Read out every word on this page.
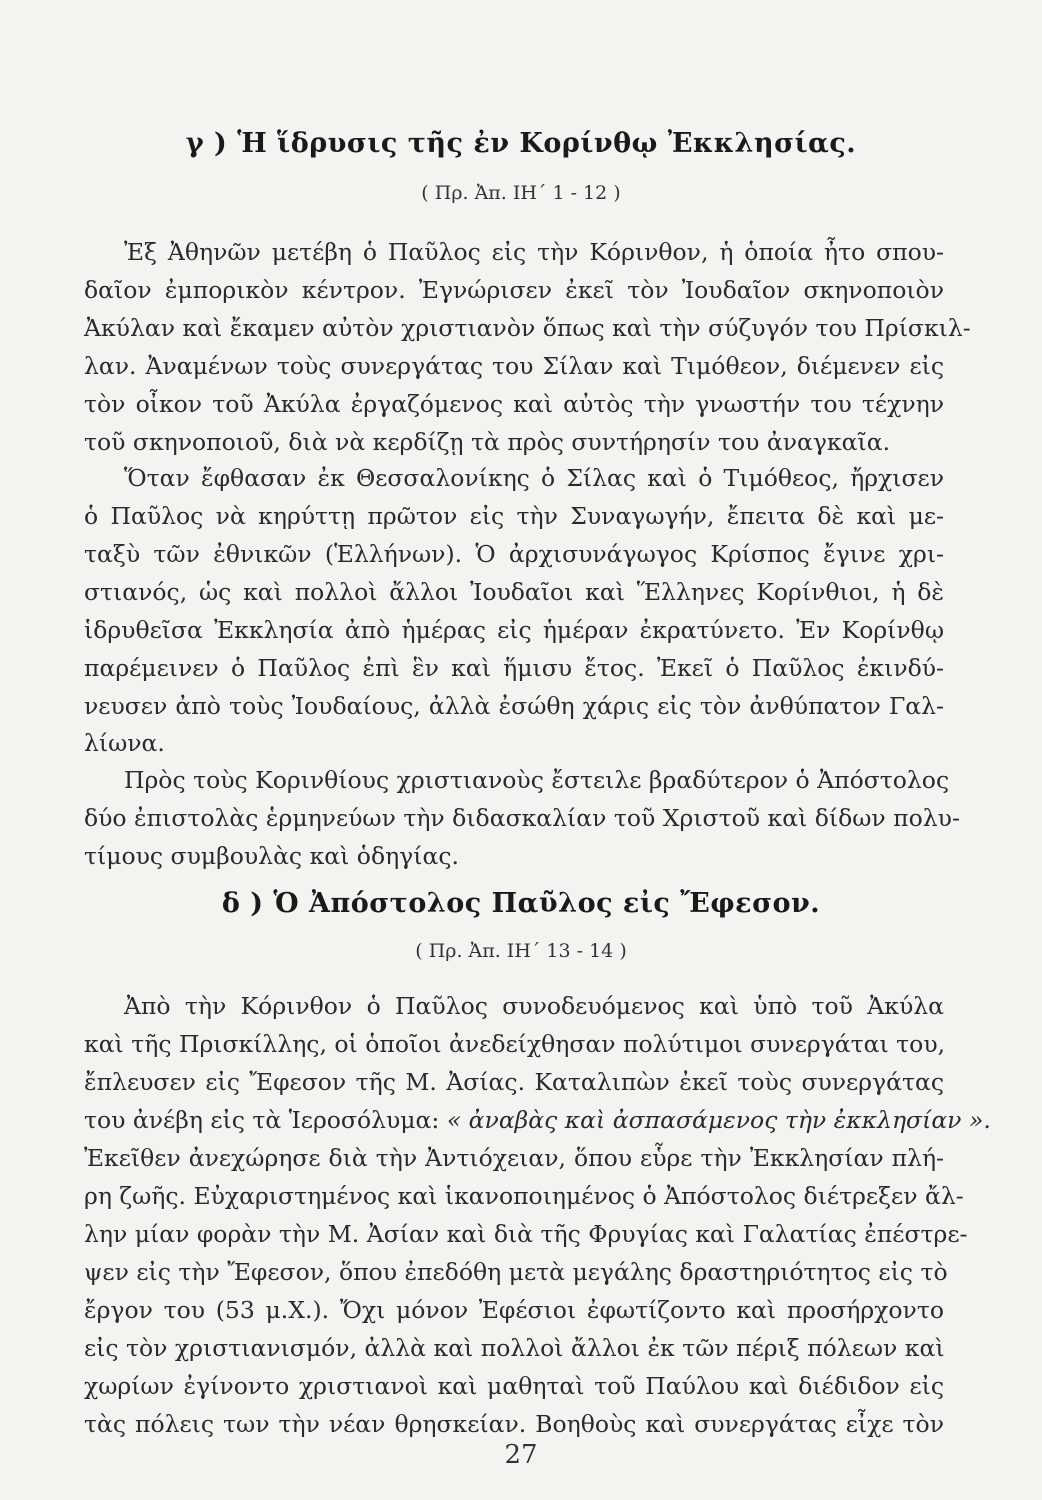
γ ) Ἡ ἵδρυσις τῆς ἐν Κορίνθῳ Ἐκκλησίας.
( Πρ. Ἀπ. ΙΗ΄ 1 - 12 )
Ἐξ Ἀθηνῶν μετέβη ὁ Παῦλος εἰς τὴν Κόρινθον, ἡ ὁποία ἦτο σπου-
δαῖον ἐμπορικὸν κέντρον. Ἐγνώρισεν ἐκεῖ τὸν Ἰουδαῖον σκηνοποιὸν
Ἀκύλαν καὶ ἔκαμεν αὐτὸν χριστιανὸν ὅπως καὶ τὴν σύζυγόν του Πρίσκιλ-
λαν. Ἀναμένων τοὺς συνεργάτας του Σίλαν καὶ Τιμόθεον, διέμενεν εἰς
τὸν οἶκον τοῦ Ἀκύλα ἐργαζόμενος καὶ αὐτὸς τὴν γνωστήν του τέχνην
τοῦ σκηνοποιοῦ, διὰ νὰ κερδίζῃ τὰ πρὸς συντήρησίν του ἀναγκαῖα.
Ὅταν ἔφθασαν ἐκ Θεσσαλονίκης ὁ Σίλας καὶ ὁ Τιμόθεος, ἤρχισεν
ὁ Παῦλος νὰ κηρύττῃ πρῶτον εἰς τὴν Συναγωγήν, ἔπειτα δὲ καὶ με-
ταξὺ τῶν ἐθνικῶν (Ἑλλήνων). Ὁ ἀρχισυνάγωγος Κρίσπος ἔγινε χρι-
στιανός, ὡς καὶ πολλοὶ ἄλλοι Ἰουδαῖοι καὶ Ἕλληνες Κορίνθιοι, ἡ δὲ
ἱδρυθεῖσα Ἐκκλησία ἀπὸ ἡμέρας εἰς ἡμέραν ἐκρατύνετο. Ἐν Κορίνθῳ
παρέμεινεν ὁ Παῦλος ἐπὶ ἓν καὶ ἥμισυ ἔτος. Ἐκεῖ ὁ Παῦλος ἐκινδύ-
νευσεν ἀπὸ τοὺς Ἰουδαίους, ἀλλὰ ἐσώθη χάρις εἰς τὸν ἀνθύπατον Γαλ-
λίωνα.
Πρὸς τοὺς Κορινθίους χριστιανοὺς ἔστειλε βραδύτερον ὁ Ἀπόστολος
δύο ἐπιστολὰς ἑρμηνεύων τὴν διδασκαλίαν τοῦ Χριστοῦ καὶ δίδων πολυ-
τίμους συμβουλὰς καὶ ὁδηγίας.
δ ) Ὁ Ἀπόστολος Παῦλος εἰς Ἔφεσον.
( Πρ. Ἀπ. ΙΗ΄ 13 - 14 )
Ἀπὸ τὴν Κόρινθον ὁ Παῦλος συνοδευόμενος καὶ ὑπὸ τοῦ Ἀκύλα
καὶ τῆς Πρισκίλλης, οἱ ὁποῖοι ἀνεδείχθησαν πολύτιμοι συνεργάται του,
ἔπλευσεν εἰς Ἔφεσον τῆς Μ. Ἀσίας. Καταλιπὼν ἐκεῖ τοὺς συνεργάτας
του ἀνέβη εἰς τὰ Ἱεροσόλυμα: « ἀναβὰς καὶ ἀσπασάμενος τὴν ἐκκλησίαν ».
Ἐκεῖθεν ἀνεχώρησε διὰ τὴν Ἀντιόχειαν, ὅπου εὗρε τὴν Ἐκκλησίαν πλή-
ρη ζωῆς. Εὐχαριστημένος καὶ ἱκανοποιημένος ὁ Ἀπόστολος διέτρεξεν ἄλ-
λην μίαν φορὰν τὴν Μ. Ἀσίαν καὶ διὰ τῆς Φρυγίας καὶ Γαλατίας ἐπέστρε-
ψεν εἰς τὴν Ἔφεσον, ὅπου ἐπεδόθη μετὰ μεγάλης δραστηριότητος εἰς τὸ
ἔργον του (53 μ.Χ.). Ὄχι μόνον Ἐφέσιοι ἐφωτίζοντο καὶ προσήρχοντο
εἰς τὸν χριστιανισμόν, ἀλλὰ καὶ πολλοὶ ἄλλοι ἐκ τῶν πέριξ πόλεων καὶ
χωρίων ἐγίνοντο χριστιανοὶ καὶ μαθηταὶ τοῦ Παύλου καὶ διέδιδον εἰς
τὰς πόλεις των τὴν νέαν θρησκείαν. Βοηθοὺς καὶ συνεργάτας εἶχε τὸν
27
